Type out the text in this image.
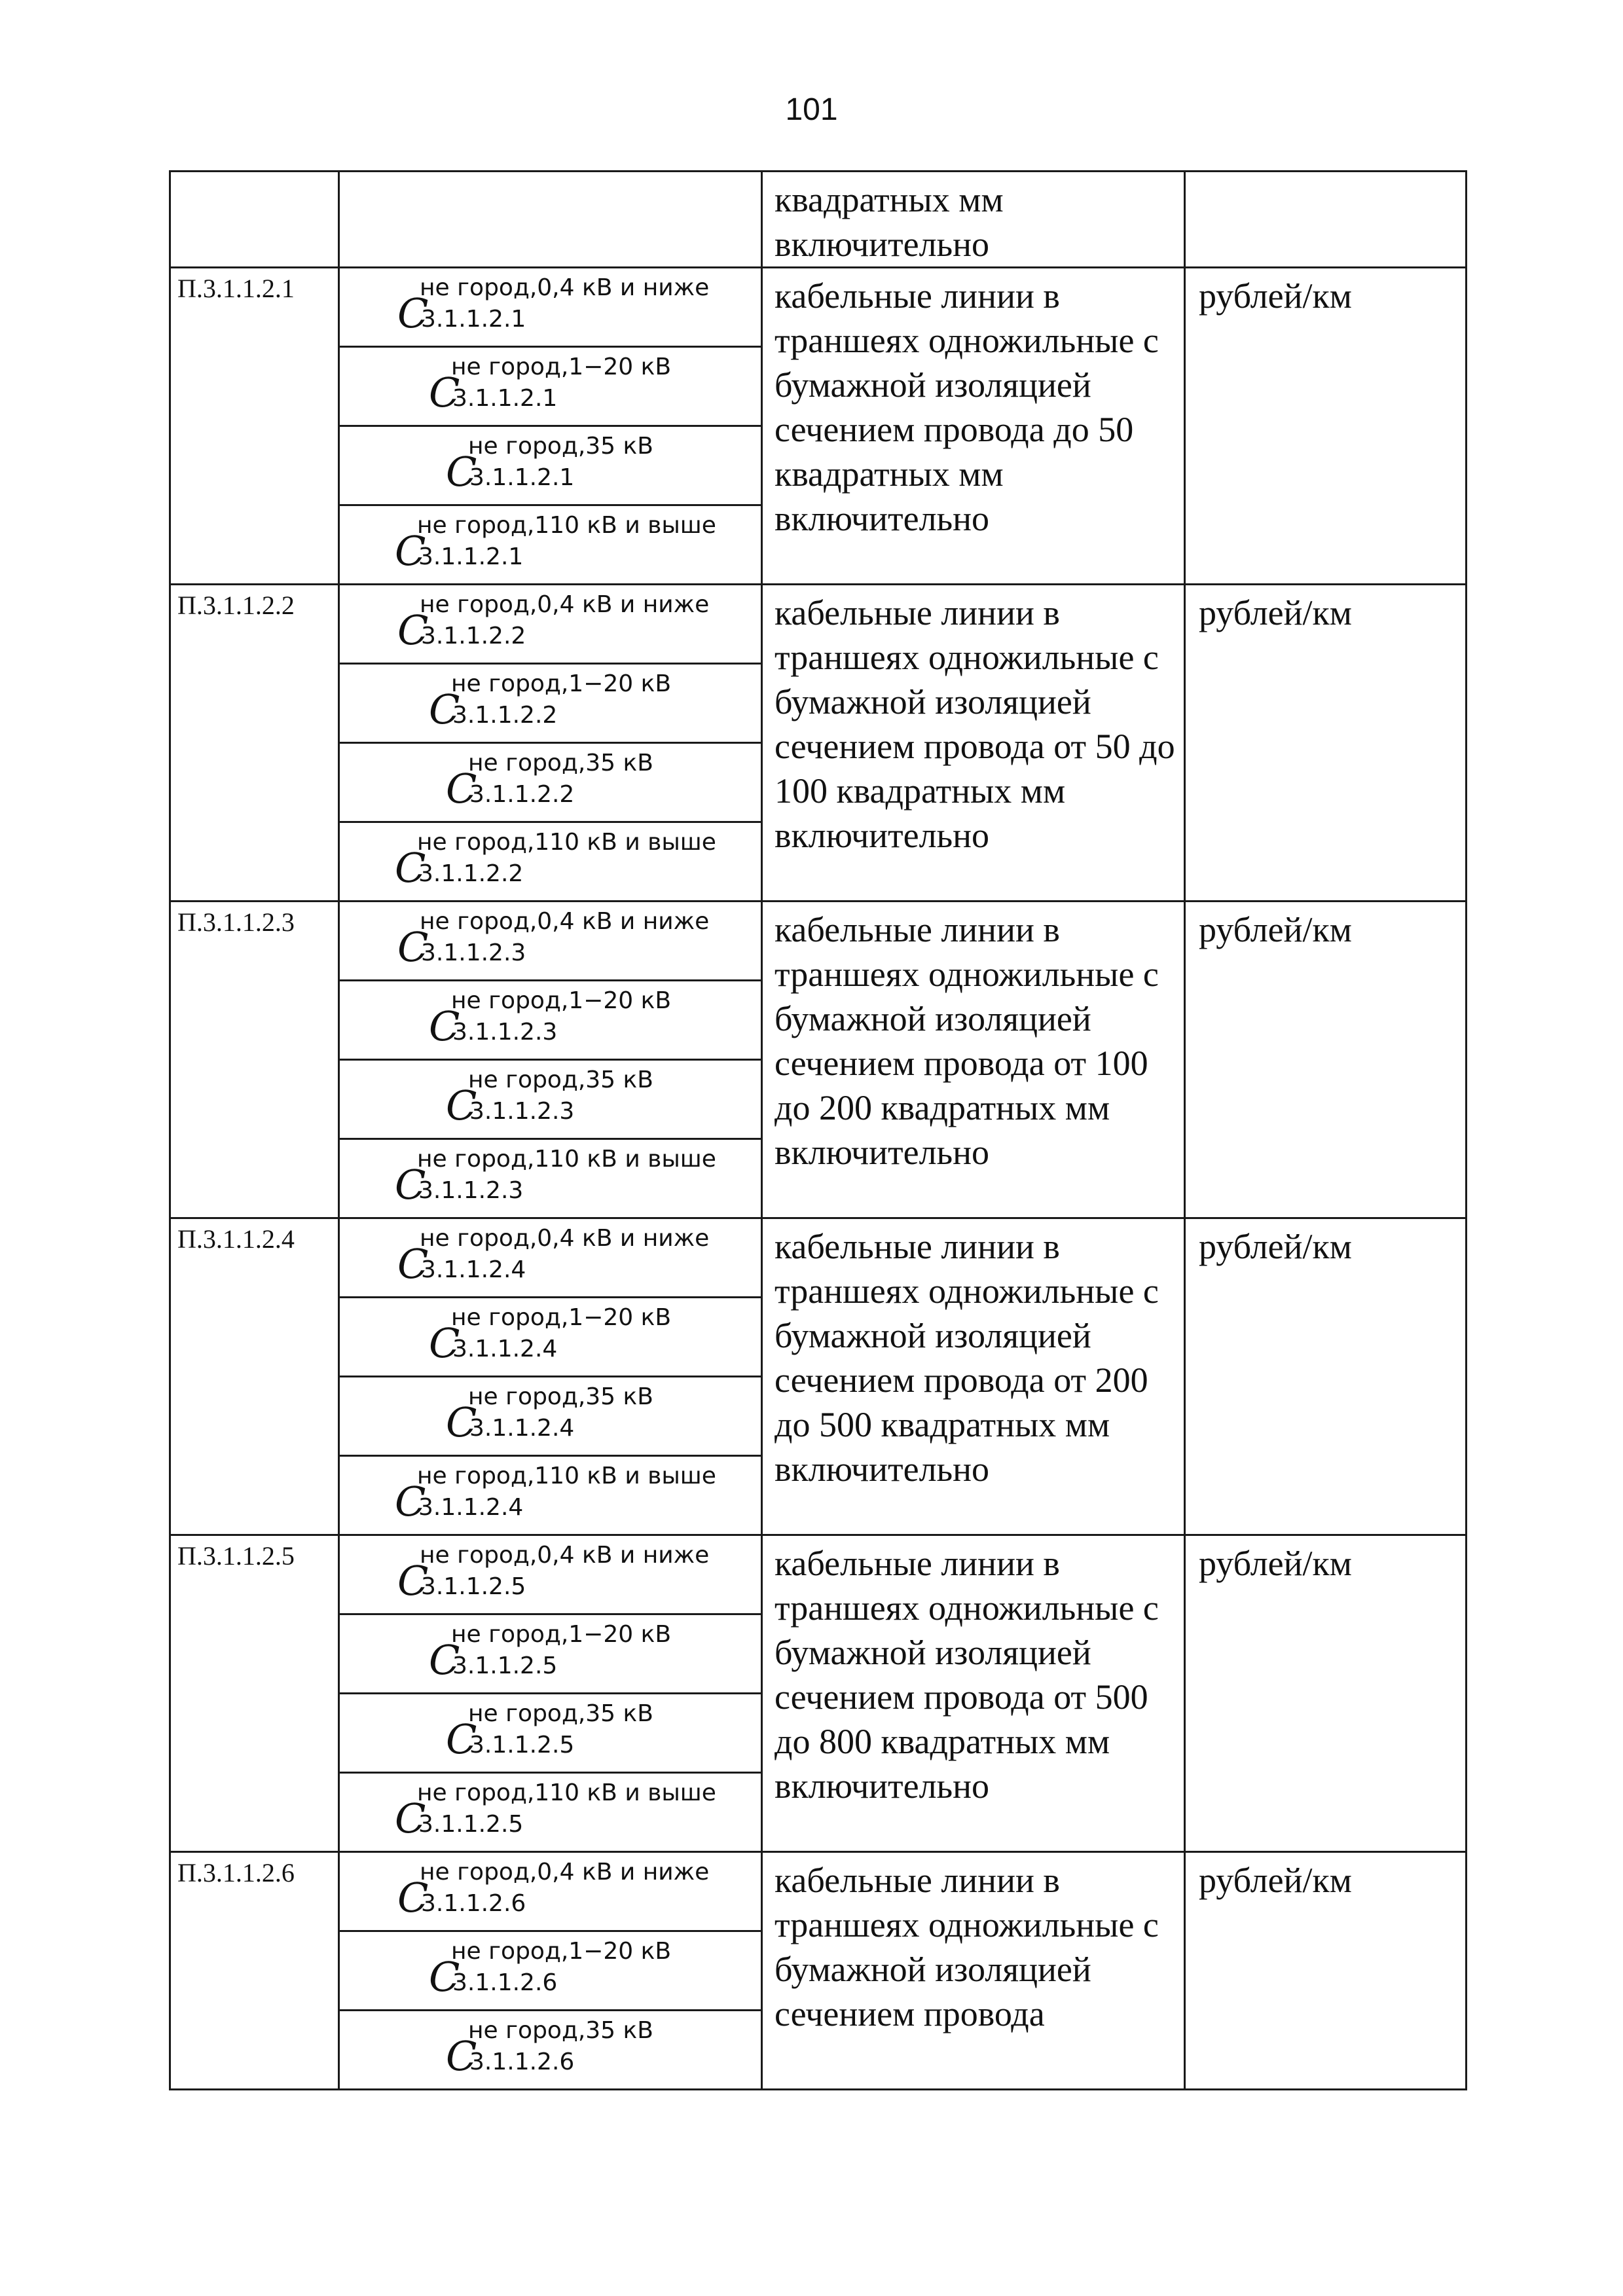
101
		квадратных мм включительно	
П.3.1.1.2.1	C
не город,0,4 кВ и ниже
3.1.1.2.1	кабельные линии в траншеях одножильные с бумажной изоляцией сечением провода до 50 квадратных мм включительно	рублей/км

	C
не город,1−20 кВ
3.1.1.2.1		

	C
не город,35 кВ
3.1.1.2.1		

	C
не город,110 кВ и выше
3.1.1.2.1		

П.3.1.1.2.2	C
не город,0,4 кВ и ниже
3.1.1.2.2	кабельные линии в траншеях одножильные с бумажной изоляцией сечением провода от 50 до 100 квадратных мм включительно	рублей/км

	C
не город,1−20 кВ
3.1.1.2.2		

	C
не город,35 кВ
3.1.1.2.2		

	C
не город,110 кВ и выше
3.1.1.2.2		

П.3.1.1.2.3	C
не город,0,4 кВ и ниже
3.1.1.2.3	кабельные линии в траншеях одножильные с бумажной изоляцией сечением провода от 100 до 200 квадратных мм включительно	рублей/км

	C
не город,1−20 кВ
3.1.1.2.3		

	C
не город,35 кВ
3.1.1.2.3		

	C
не город,110 кВ и выше
3.1.1.2.3		

П.3.1.1.2.4	C
не город,0,4 кВ и ниже
3.1.1.2.4	кабельные линии в траншеях одножильные с бумажной изоляцией сечением провода от 200 до 500 квадратных мм включительно	рублей/км

	C
не город,1−20 кВ
3.1.1.2.4		

	C
не город,35 кВ
3.1.1.2.4		

	C
не город,110 кВ и выше
3.1.1.2.4		

П.3.1.1.2.5	C
не город,0,4 кВ и ниже
3.1.1.2.5	кабельные линии в траншеях одножильные с бумажной изоляцией сечением провода от 500 до 800 квадратных мм включительно	рублей/км

	C
не город,1−20 кВ
3.1.1.2.5		

	C
не город,35 кВ
3.1.1.2.5		

	C
не город,110 кВ и выше
3.1.1.2.5		

П.3.1.1.2.6	C
не город,0,4 кВ и ниже
3.1.1.2.6	кабельные линии в траншеях одножильные с бумажной изоляцией сечением провода	рублей/км

	C
не город,1−20 кВ
3.1.1.2.6		

	C
не город,35 кВ
3.1.1.2.6		
